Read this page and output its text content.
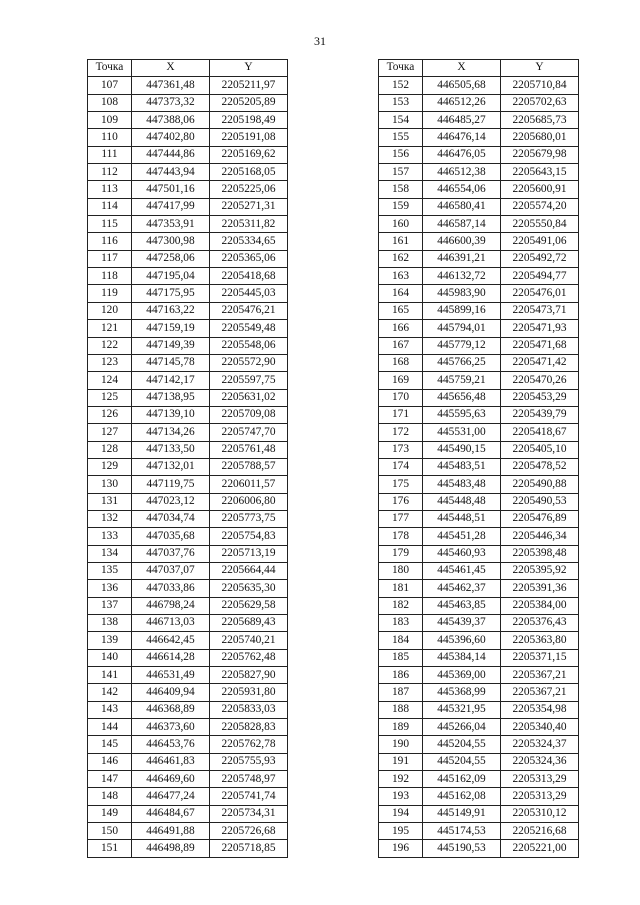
31
Точка	X	Y
107	447361,48	2205211,97
108	447373,32	2205205,89
109	447388,06	2205198,49
110	447402,80	2205191,08
111	447444,86	2205169,62
112	447443,94	2205168,05
113	447501,16	2205225,06
114	447417,99	2205271,31
115	447353,91	2205311,82
116	447300,98	2205334,65
117	447258,06	2205365,06
118	447195,04	2205418,68
119	447175,95	2205445,03
120	447163,22	2205476,21
121	447159,19	2205549,48
122	447149,39	2205548,06
123	447145,78	2205572,90
124	447142,17	2205597,75
125	447138,95	2205631,02
126	447139,10	2205709,08
127	447134,26	2205747,70
128	447133,50	2205761,48
129	447132,01	2205788,57
130	447119,75	2206011,57
131	447023,12	2206006,80
132	447034,74	2205773,75
133	447035,68	2205754,83
134	447037,76	2205713,19
135	447037,07	2205664,44
136	447033,86	2205635,30
137	446798,24	2205629,58
138	446713,03	2205689,43
139	446642,45	2205740,21
140	446614,28	2205762,48
141	446531,49	2205827,90
142	446409,94	2205931,80
143	446368,89	2205833,03
144	446373,60	2205828,83
145	446453,76	2205762,78
146	446461,83	2205755,93
147	446469,60	2205748,97
148	446477,24	2205741,74
149	446484,67	2205734,31
150	446491,88	2205726,68
151	446498,89	2205718,85
Точка	X	Y
152	446505,68	2205710,84
153	446512,26	2205702,63
154	446485,27	2205685,73
155	446476,14	2205680,01
156	446476,05	2205679,98
157	446512,38	2205643,15
158	446554,06	2205600,91
159	446580,41	2205574,20
160	446587,14	2205550,84
161	446600,39	2205491,06
162	446391,21	2205492,72
163	446132,72	2205494,77
164	445983,90	2205476,01
165	445899,16	2205473,71
166	445794,01	2205471,93
167	445779,12	2205471,68
168	445766,25	2205471,42
169	445759,21	2205470,26
170	445656,48	2205453,29
171	445595,63	2205439,79
172	445531,00	2205418,67
173	445490,15	2205405,10
174	445483,51	2205478,52
175	445483,48	2205490,88
176	445448,48	2205490,53
177	445448,51	2205476,89
178	445451,28	2205446,34
179	445460,93	2205398,48
180	445461,45	2205395,92
181	445462,37	2205391,36
182	445463,85	2205384,00
183	445439,37	2205376,43
184	445396,60	2205363,80
185	445384,14	2205371,15
186	445369,00	2205367,21
187	445368,99	2205367,21
188	445321,95	2205354,98
189	445266,04	2205340,40
190	445204,55	2205324,37
191	445204,55	2205324,36
192	445162,09	2205313,29
193	445162,08	2205313,29
194	445149,91	2205310,12
195	445174,53	2205216,68
196	445190,53	2205221,00
